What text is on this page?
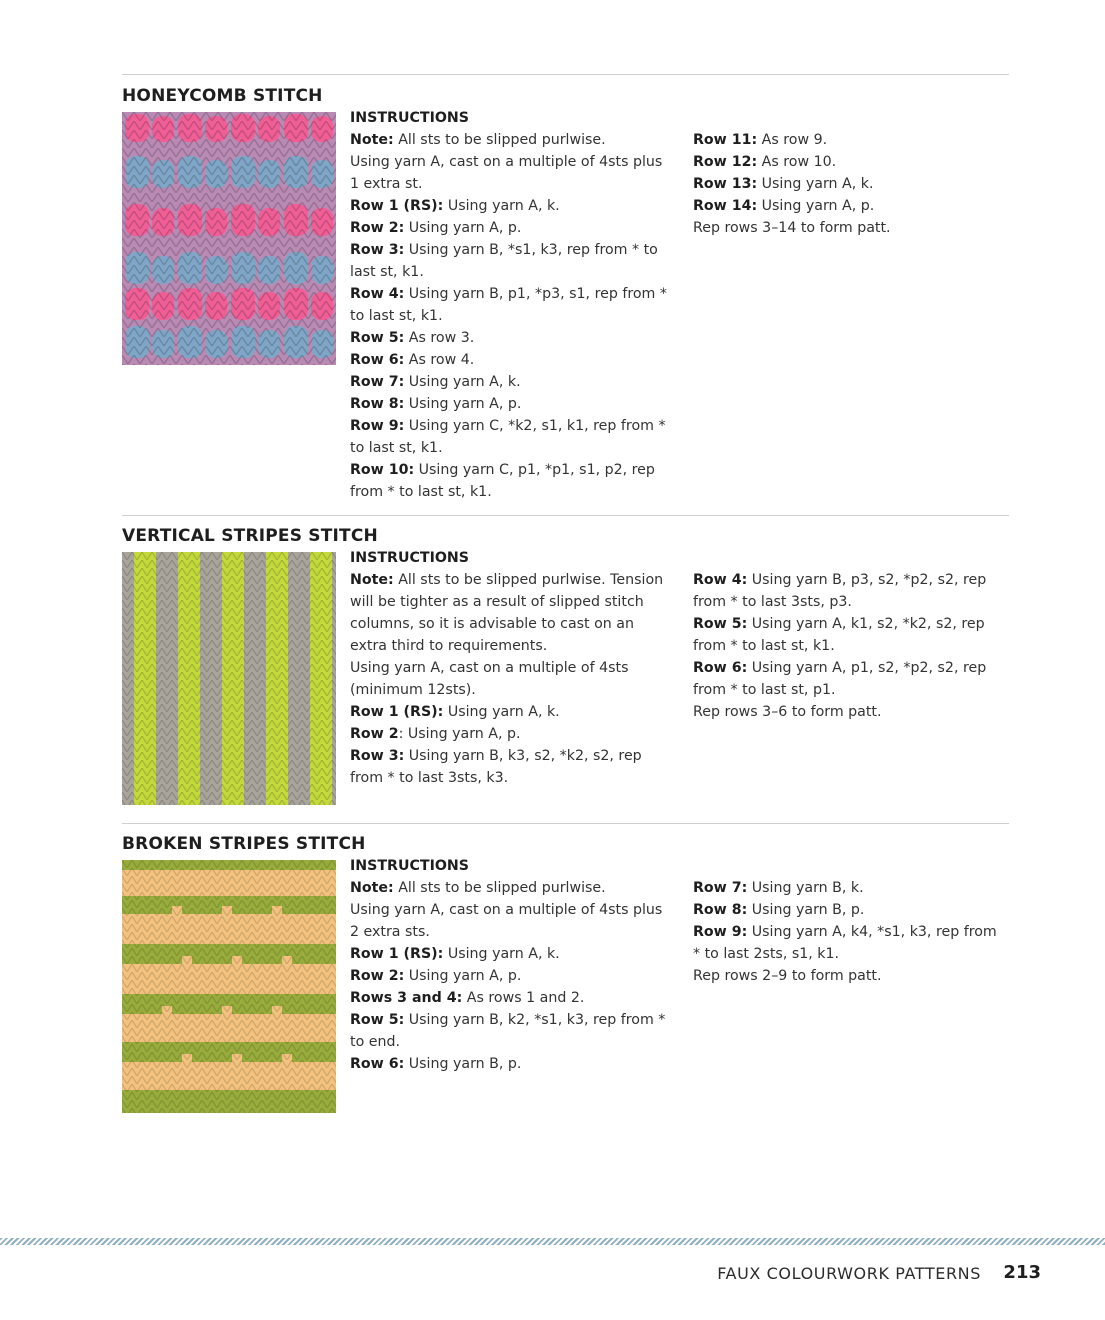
HONEYCOMB STITCH

INSTRUCTIONS

Note: All sts to be slipped purlwise.

Using yarn A, cast on a multiple of 4sts plus 1 extra st.

Row 1 (RS): Using yarn A, k.

Row 2: Using yarn A, p.

Row 3: Using yarn B, *s1, k3, rep from * to last st, k1.

Row 4: Using yarn B, p1, *p3, s1, rep from * to last st, k1.

Row 5: As row 3.

Row 6: As row 4.

Row 7: Using yarn A, k.

Row 8: Using yarn A, p.

Row 9: Using yarn C, *k2, s1, k1, rep from * to last st, k1.

Row 10: Using yarn C, p1, *p1, s1, p2, rep from * to last st, k1.

Row 11: As row 9.

Row 12: As row 10.

Row 13: Using yarn A, k.

Row 14: Using yarn A, p.

Rep rows 3–14 to form patt.

VERTICAL STRIPES STITCH

INSTRUCTIONS

Note: All sts to be slipped purlwise. Tension will be tighter as a result of slipped stitch columns, so it is advisable to cast on an extra third to requirements.

Using yarn A, cast on a multiple of 4sts (minimum 12sts).

Row 1 (RS): Using yarn A, k.

Row 2: Using yarn A, p.

Row 3: Using yarn B, k3, s2, *k2, s2, rep from * to last 3sts, k3.

Row 4: Using yarn B, p3, s2, *p2, s2, rep from * to last 3sts, p3.

Row 5: Using yarn A, k1, s2, *k2, s2, rep from * to last st, k1.

Row 6: Using yarn A, p1, s2, *p2, s2, rep from * to last st, p1.

Rep rows 3–6 to form patt.

BROKEN STRIPES STITCH

INSTRUCTIONS

Note: All sts to be slipped purlwise.

Using yarn A, cast on a multiple of 4sts plus 2 extra sts.

Row 1 (RS): Using yarn A, k.

Row 2: Using yarn A, p.

Rows 3 and 4: As rows 1 and 2.

Row 5: Using yarn B, k2, *s1, k3, rep from * to end.

Row 6: Using yarn B, p.

Row 7: Using yarn B, k.

Row 8: Using yarn B, p.

Row 9: Using yarn A, k4, *s1, k3, rep from * to last 2sts, s1, k1.

Rep rows 2–9 to form patt.

FAUX COLOURWORK PATTERNS 213
